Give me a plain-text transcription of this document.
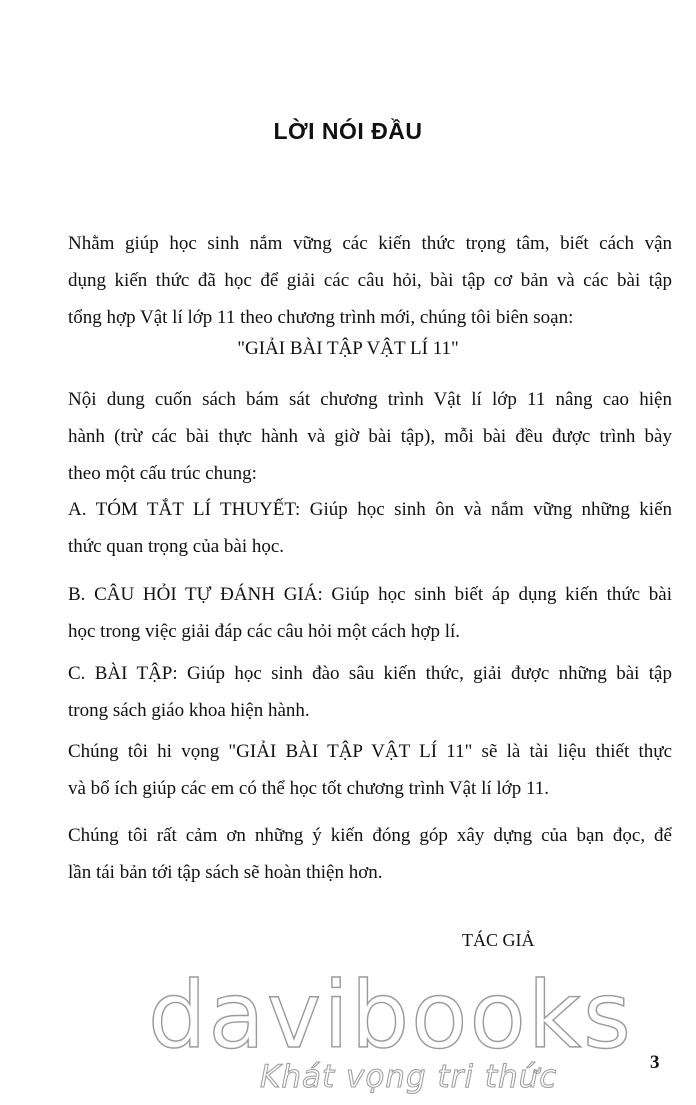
LỜI NÓI ĐẦU

Nhằm giúp học sinh nắm vững các kiến thức trọng tâm, biết cách vận
dụng kiến thức đã học để giải các câu hỏi, bài tập cơ bản và các bài tập
tổng hợp Vật lí lớp 11 theo chương trình mới, chúng tôi biên soạn:

"GIẢI BÀI TẬP VẬT LÍ 11"

Nội dung cuốn sách bám sát chương trình Vật lí lớp 11 nâng cao hiện
hành (trừ các bài thực hành và giờ bài tập), mỗi bài đều được trình bày
theo một cấu trúc chung:

A. TÓM TẮT LÍ THUYẾT: Giúp học sinh ôn và nắm vững những kiến
thức quan trọng của bài học.

B. CÂU HỎI TỰ ĐÁNH GIÁ: Giúp học sinh biết áp dụng kiến thức bài
học trong việc giải đáp các câu hỏi một cách hợp lí.

C. BÀI TẬP: Giúp học sinh đào sâu kiến thức, giải được những bài tập
trong sách giáo khoa hiện hành.

Chúng tôi hi vọng "GIẢI BÀI TẬP VẬT LÍ 11" sẽ là tài liệu thiết thực
và bổ ích giúp các em có thể học tốt chương trình Vật lí lớp 11.

Chúng tôi rất cảm ơn những ý kiến đóng góp xây dựng của bạn đọc, để
lần tái bản tới tập sách sẽ hoàn thiện hơn.

TÁC GIẢ

davibooks

Khát vọng tri thức	3
